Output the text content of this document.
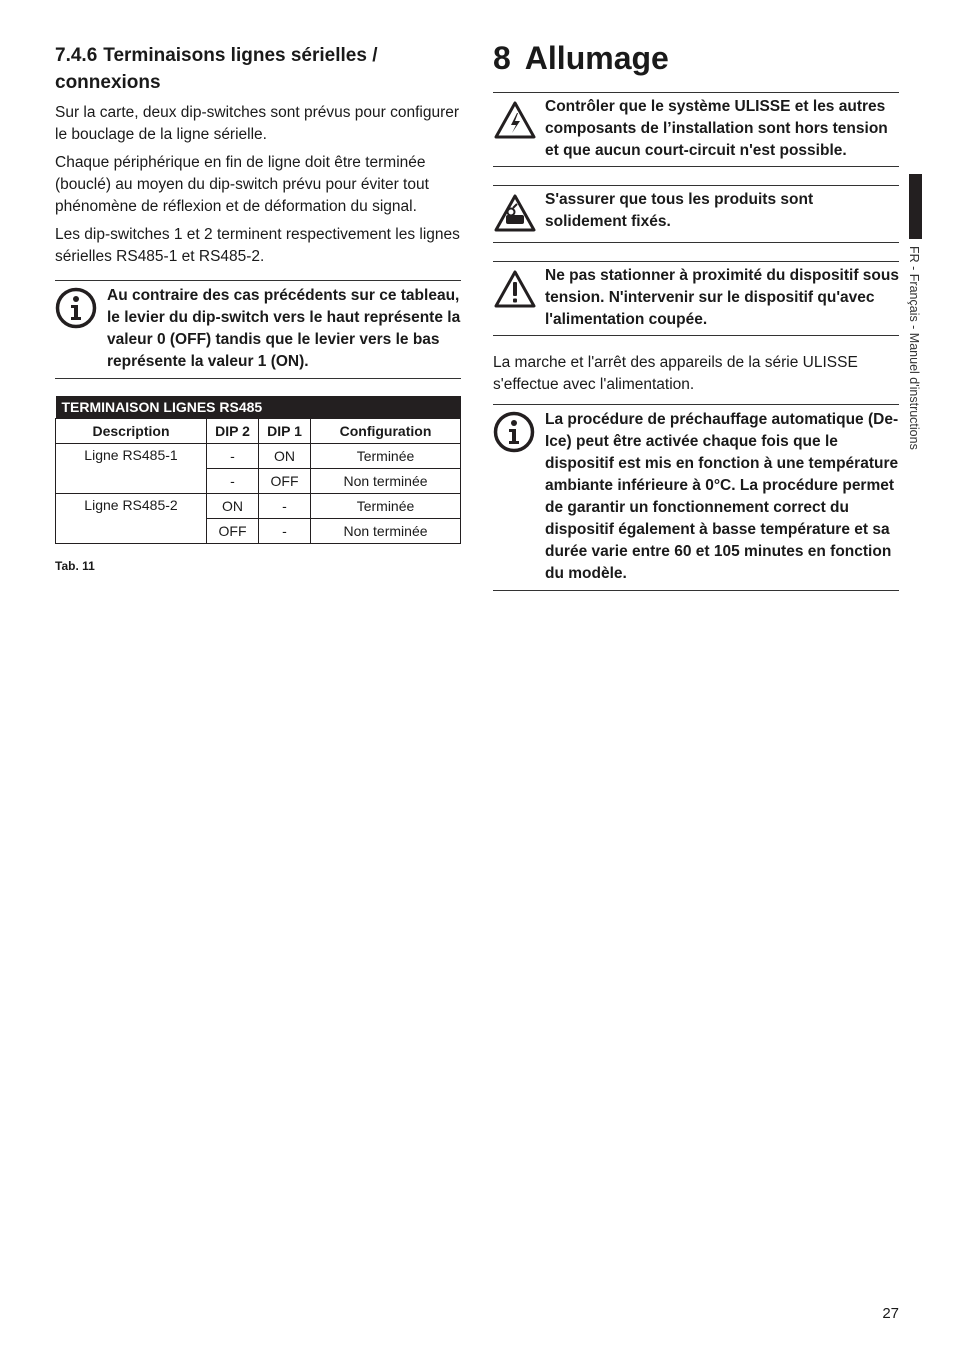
7.4.6 Terminaisons lignes sérielles / connexions

Sur la carte, deux dip-switches sont prévus pour configurer le bouclage de la ligne sérielle.

Chaque périphérique en fin de ligne doit être terminée (bouclé) au moyen du dip-switch prévu pour éviter tout phénomène de réflexion et de déformation du signal.

Les dip-switches 1 et 2 terminent respectivement les lignes sérielles RS485-1 et RS485-2.

Au contraire des cas précédents sur ce tableau, le levier du dip-switch vers le haut représente la valeur 0 (OFF) tandis que le levier vers le bas représente la valeur 1 (ON).
TERMINAISON LIGNES RS485			
Description	DIP 2	DIP 1	Configuration
Ligne RS485-1	-	ON	Terminée
	-	OFF	Non terminée
Ligne RS485-2	ON	-	Terminée
	OFF	-	Non terminée
Tab. 11
8 Allumage
Contrôler que le système ULISSE et les autres composants de l’installation sont hors tension et que aucun court-circuit n'est possible.
S'assurer que tous les produits sont solidement fixés.
Ne pas stationner à proximité du dispositif sous tension. N'intervenir sur le dispositif qu'avec l'alimentation coupée.

La marche et l'arrêt des appareils de la série ULISSE s'effectue avec l'alimentation.

La procédure de préchauffage automatique (De-Ice) peut être activée chaque fois que le dispositif est mis en fonction à une température ambiante inférieure à 0°C. La procédure permet de garantir un fonctionnement correct du dispositif également à basse température et sa durée varie entre 60 et 105 minutes en fonction du modèle.
FR - Français - Manuel d'instructions
27
